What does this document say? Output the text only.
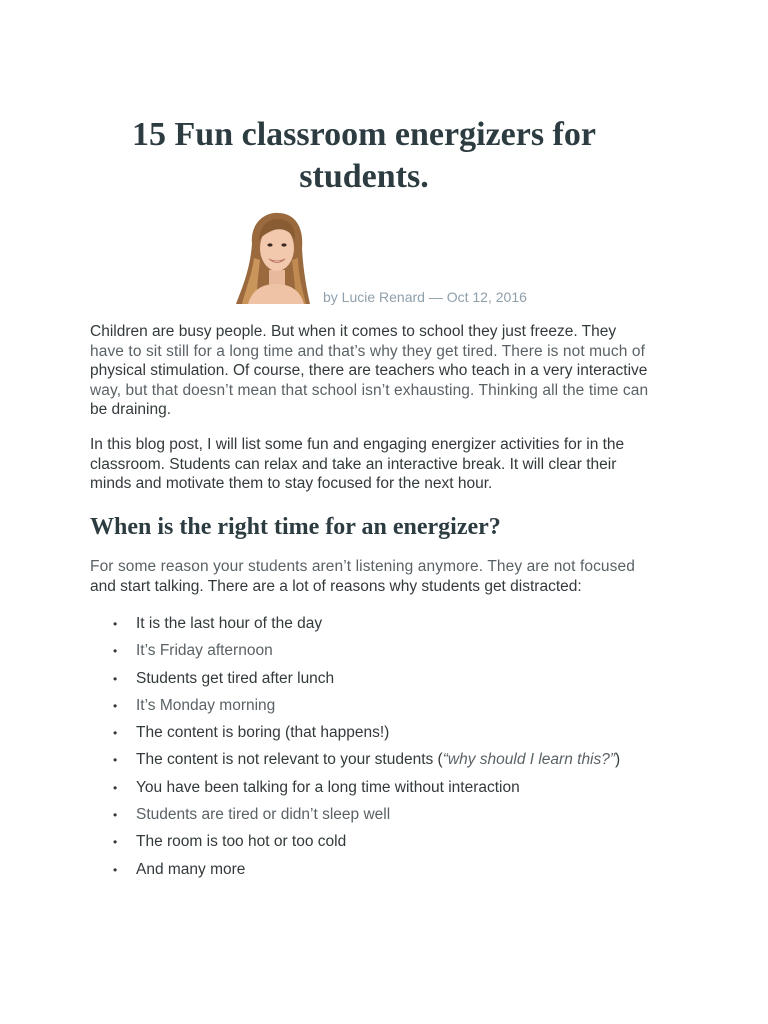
15 Fun classroom energizers for
students.
by Lucie Renard — Oct 12, 2016

Children are busy people. But when it comes to school they just freeze. They
have to sit still for a long time and that’s why they get tired. There is not much of
physical stimulation. Of course, there are teachers who teach in a very interactive
way, but that doesn’t mean that school isn’t exhausting. Thinking all the time can
be draining.

In this blog post, I will list some fun and engaging energizer activities for in the
classroom. Students can relax and take an interactive break. It will clear their
minds and motivate them to stay focused for the next hour.

When is the right time for an energizer?

For some reason your students aren’t listening anymore. They are not focused
and start talking. There are a lot of reasons why students get distracted:

• It is the last hour of the day
• It’s Friday afternoon
• Students get tired after lunch
• It’s Monday morning
• The content is boring (that happens!)
• The content is not relevant to your students (“why should I learn this?”)
• You have been talking for a long time without interaction
• Students are tired or didn’t sleep well
• The room is too hot or too cold
• And many more
